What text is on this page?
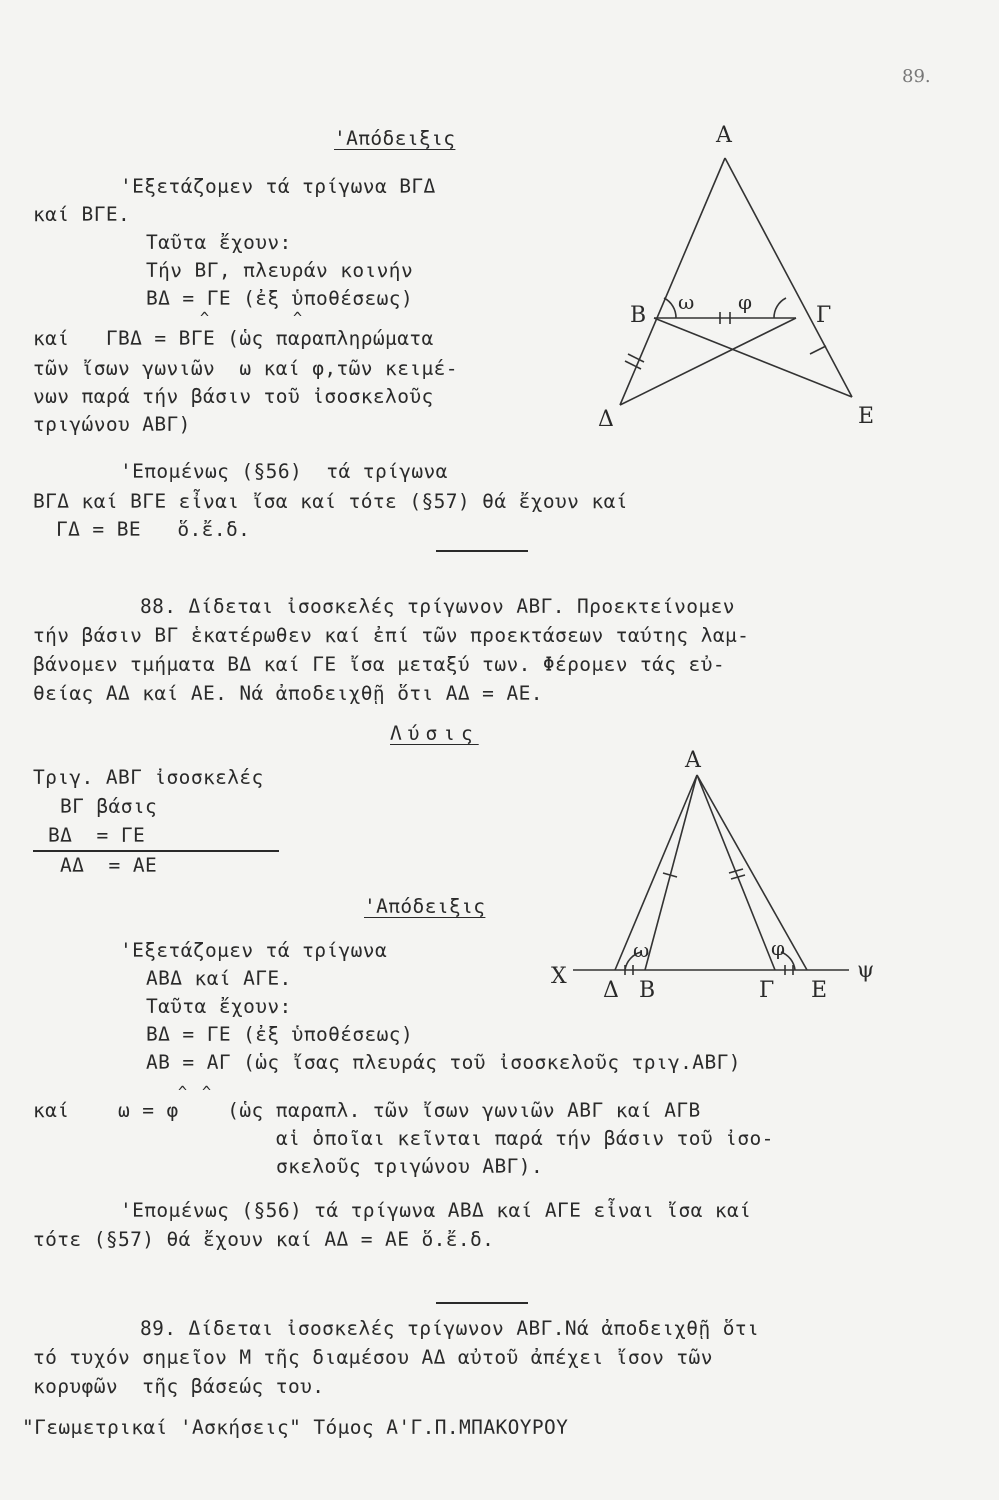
89.
'Απόδειξις
'Εξετάζομεν τά τρίγωνα ΒΓΔ
καί ΒΓΕ.
Ταῦτα ἔχουν:
Τήν ΒΓ, πλευράν κοινήν
ΒΔ = ΓΕ (ἐξ ὑποθέσεως)
^	^
καί   ΓΒΔ = ΒΓΕ (ὡς παραπληρώματα
τῶν ἴσων γωνιῶν  ω καί φ,τῶν κειμέ-
νων παρά τήν βάσιν τοῦ ἰσοσκελοῦς
τριγώνου ΑΒΓ)
'Επομένως (§56)  τά τρίγωνα
ΒΓΔ καί ΒΓΕ εἶναι ἴσα καί τότε (§57) θά ἔχουν καί
ΓΔ = ΒΕ   ὅ.ἔ.δ.
Α
Β	Γ
Δ	Ε
ω φ
88. Δίδεται ἰσοσκελές τρίγωνον ΑΒΓ. Προεκτείνομεν
τήν βάσιν ΒΓ ἑκατέρωθεν καί ἐπί τῶν προεκτάσεων ταύτης λαμ-
βάνομεν τμήματα ΒΔ καί ΓΕ ἴσα μεταξύ των. Φέρομεν τάς εὐ-
θείας ΑΔ καί ΑΕ. Νά ἀποδειχθῇ ὅτι ΑΔ = ΑΕ.
Λύσις
Τριγ. ΑΒΓ ἰσοσκελές
ΒΓ βάσις
ΒΔ  = ΓΕ
ΑΔ  = ΑΕ
'Απόδειξις
'Εξετάζομεν τά τρίγωνα
ΑΒΔ καί ΑΓΕ.
Ταῦτα ἔχουν:
ΒΔ = ΓΕ (ἐξ ὑποθέσεως)
ΑΒ = ΑΓ (ὡς ἴσας πλευράς τοῦ ἰσοσκελοῦς τριγ.ΑΒΓ)
^ ^
καί    ω = φ    (ὡς παραπλ. τῶν ἴσων γωνιῶν ΑΒΓ καί ΑΓΒ
αἱ ὁποῖαι κεῖνται παρά τήν βάσιν τοῦ ἰσο-
σκελοῦς τριγώνου ΑΒΓ).
'Επομένως (§56) τά τρίγωνα ΑΒΔ καί ΑΓΕ εἶναι ἴσα καί
τότε (§57) θά ἔχουν καί ΑΔ = ΑΕ ὅ.ἔ.δ.
Α
Χ
Δ Β	Γ Ε
ψ
ω	φ
89. Δίδεται ἰσοσκελές τρίγωνον ΑΒΓ.Νά ἀποδειχθῇ ὅτι
τό τυχόν σημεῖον Μ τῆς διαμέσου ΑΔ αὐτοῦ ἀπέχει ἴσον τῶν
κορυφῶν  τῆς βάσεώς του.
"Γεωμετρικαί 'Ασκήσεις" Τόμος Α'Γ.Π.ΜΠΑΚΟΥΡΟΥ
